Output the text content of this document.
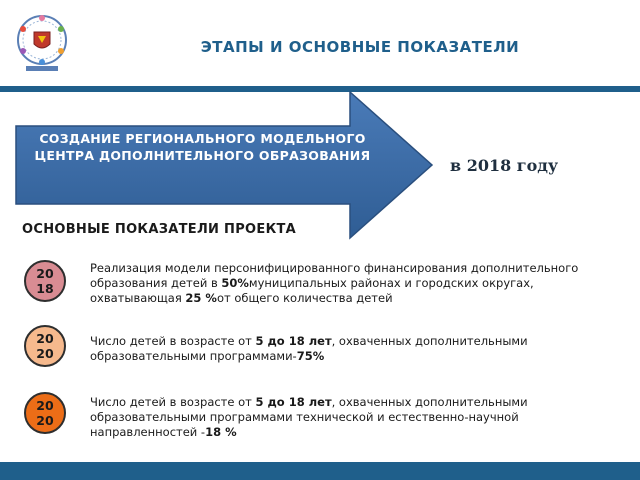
ЭТАПЫ И ОСНОВНЫЕ ПОКАЗАТЕЛИ
СОЗДАНИЕ РЕГИОНАЛЬНОГО МОДЕЛЬНОГО ЦЕНТРА ДОПОЛНИТЕЛЬНОГО ОБРАЗОВАНИЯ
в 2018 году
ОСНОВНЫЕ ПОКАЗАТЕЛИ ПРОЕКТА
2018
Реализация модели персонифицированного финансирования дополнительного образования детей в 50%муниципальных районах и городских округах, охватывающая 25 %от общего количества детей
2020
Число детей в возрасте от 5 до 18 лет, охваченных дополнительными образовательными программами-75%
2020
Число детей в возрасте от 5 до 18 лет, охваченных дополнительными образовательными программами технической и естественно-научной направленностей -18 %
